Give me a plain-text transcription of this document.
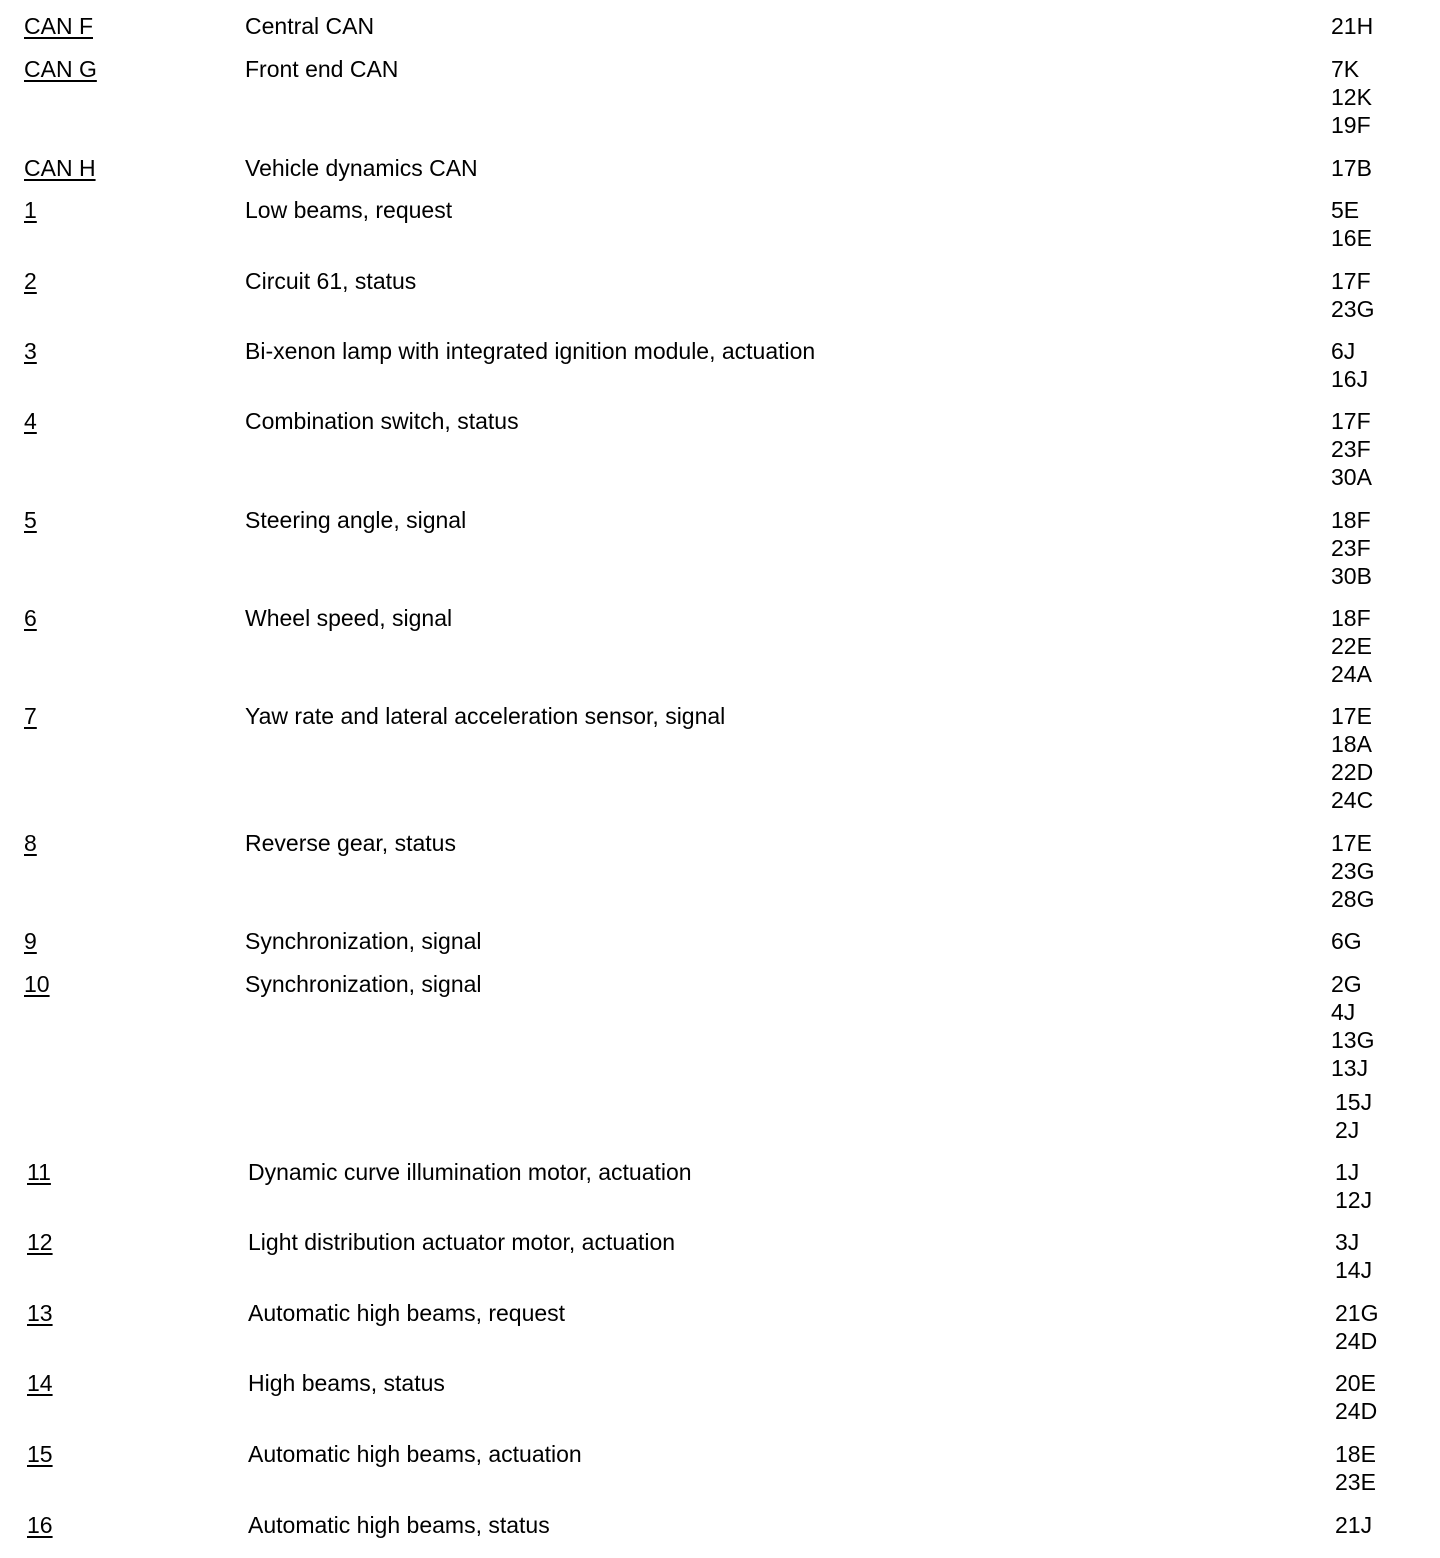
CAN F	Central CAN	21H
CAN G	Front end CAN	7K
12K
19F
CAN H	Vehicle dynamics CAN	17B
1	Low beams, request	5E
16E
2	Circuit 61, status	17F
23G
3	Bi-xenon lamp with integrated ignition module, actuation	6J
16J
4	Combination switch, status	17F
23F
30A
5	Steering angle, signal	18F
23F
30B
6	Wheel speed, signal	18F
22E
24A
7	Yaw rate and lateral acceleration sensor, signal	17E
18A
22D
24C
8	Reverse gear, status	17E
23G
28G
9	Synchronization, signal	6G
10	Synchronization, signal	2G
4J
13G
13J
15J
2J
11	Dynamic curve illumination motor, actuation	1J
12J
12	Light distribution actuator motor, actuation	3J
14J
13	Automatic high beams, request	21G
24D
14	High beams, status	20E
24D
15	Automatic high beams, actuation	18E
23E
16	Automatic high beams, status	21J
